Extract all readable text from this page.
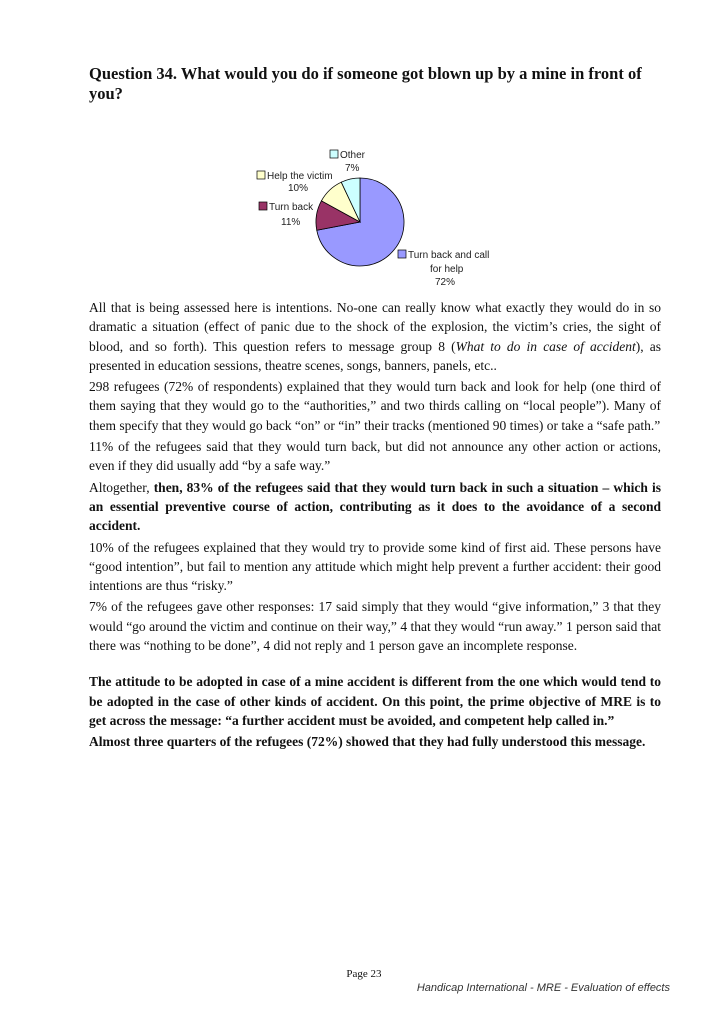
Question 34. What would you do if someone got blown up by a mine in front of you?
Other
7%
Help the victim
10%
Turn back
11%
Turn back and call
for help
72%

All that is being assessed here is intentions. No-one can really know what exactly they would do in so dramatic a situation (effect of panic due to the shock of the explosion, the victim’s cries, the sight of blood, and so forth). This question refers to message group 8 (What to do in case of accident), as presented in education sessions, theatre scenes, songs, banners, panels, etc..

298 refugees (72% of respondents) explained that they would turn back and look for help (one third of them saying that they would go to the “authorities,” and two thirds calling on “local people”). Many of them specify that they would go back “on” or “in” their tracks (mentioned 90 times) or take a “safe path.”

11% of the refugees said that they would turn back, but did not announce any other action or actions, even if they did usually add “by a safe way.”

Altogether, then, 83% of the refugees said that they would turn back in such a situation – which is an essential preventive course of action, contributing as it does to the avoidance of a second accident.

10% of the refugees explained that they would try to provide some kind of first aid. These persons have “good intention”, but fail to mention any attitude which might help prevent a further accident: their good intentions are thus “risky.”

7% of the refugees gave other responses: 17 said simply that they would “give information,” 3 that they would “go around the victim and continue on their way,” 4 that they would “run away.” 1 person said that there was “nothing to be done”, 4 did not reply and 1 person gave an incomplete response.

The attitude to be adopted in case of a mine accident is different from the one which would tend to be adopted in the case of other kinds of accident. On this point, the prime objective of MRE is to get across the message: “a further accident must be avoided, and competent help called in.”

Almost three quarters of the refugees (72%) showed that they had fully understood this message.

Page 23
Handicap International - MRE - Evaluation of effects
